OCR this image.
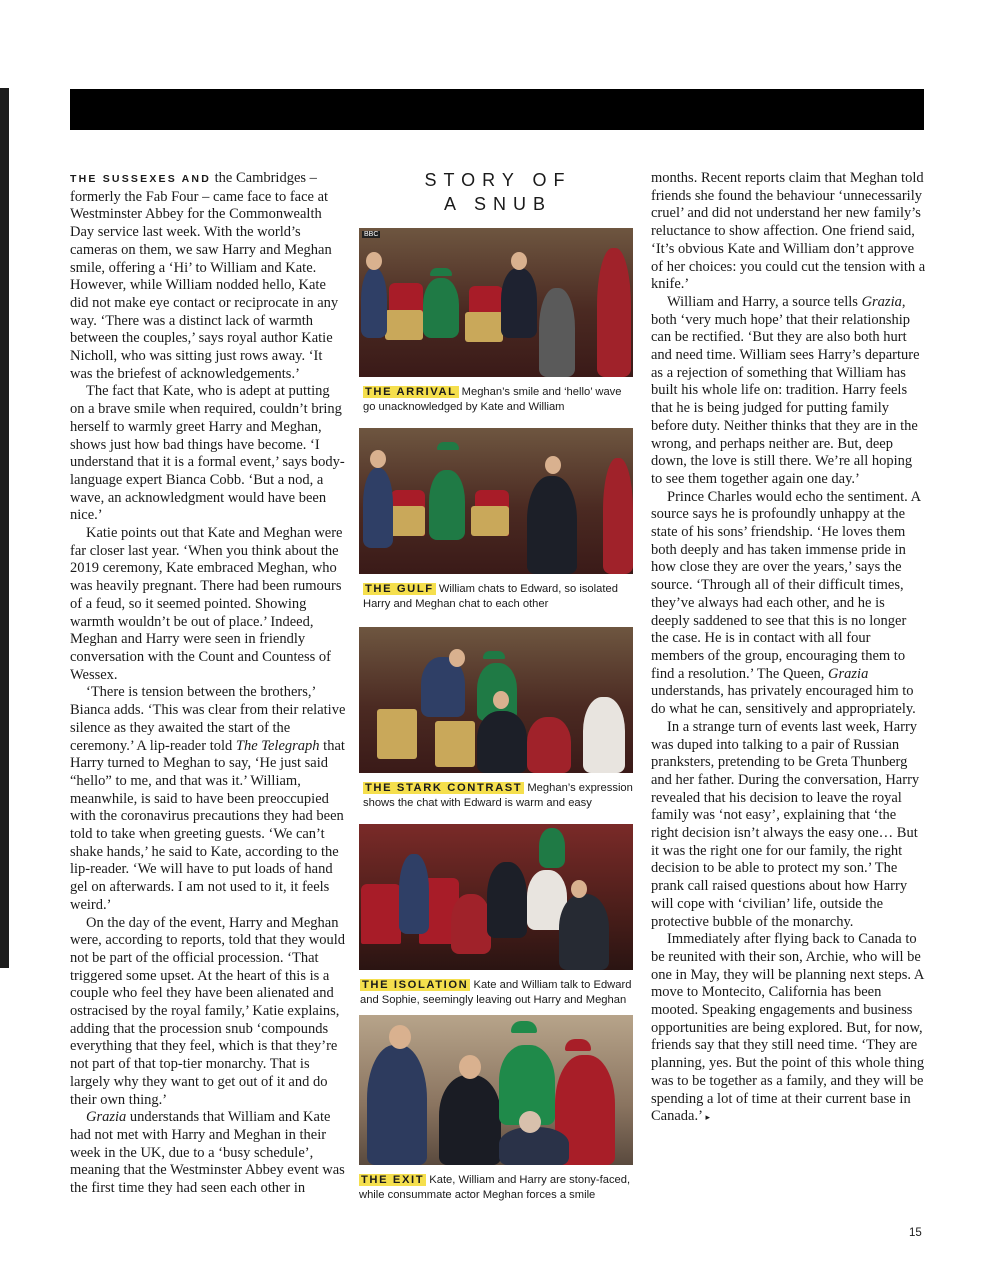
THE SUSSEXES AND the Cambridges – formerly the Fab Four – came face to face at Westminster Abbey for the Commonwealth Day service last week. With the world’s cameras on them, we saw Harry and Meghan smile, offering a ‘Hi’ to William and Kate. However, while William nodded hello, Kate did not make eye contact or reciprocate in any way. ‘There was a distinct lack of warmth between the couples,’ says royal author Katie Nicholl, who was sitting just rows away. ‘It was the briefest of acknowledgements.’

The fact that Kate, who is adept at putting on a brave smile when required, couldn’t bring herself to warmly greet Harry and Meghan, shows just how bad things have become. ‘I understand that it is a formal event,’ says body-language expert Bianca Cobb. ‘But a nod, a wave, an acknowledgment would have been nice.’

Katie points out that Kate and Meghan were far closer last year. ‘When you think about the 2019 ceremony, Kate embraced Meghan, who was heavily pregnant. There had been rumours of a feud, so it seemed pointed. Showing warmth wouldn’t be out of place.’ Indeed, Meghan and Harry were seen in friendly conversation with the Count and Countess of Wessex.

‘There is tension between the brothers,’ Bianca adds. ‘This was clear from their relative silence as they awaited the start of the ceremony.’ A lip-reader told The Telegraph that Harry turned to Meghan to say, ‘He just said “hello” to me, and that was it.’ William, meanwhile, is said to have been preoccupied with the coronavirus precautions they had been told to take when greeting guests. ‘We can’t shake hands,’ he said to Kate, according to the lip-reader. ‘We will have to put loads of hand gel on afterwards. I am not used to it, it feels weird.’

On the day of the event, Harry and Meghan were, according to reports, told that they would not be part of the official procession. ‘That triggered some upset. At the heart of this is a couple who feel they have been alienated and ostracised by the royal family,’ Katie explains, adding that the procession snub ‘compounds everything that they feel, which is that they’re not part of that top-tier monarchy. That is largely why they want to get out of it and do their own thing.’

Grazia understands that William and Kate had not met with Harry and Meghan in their week in the UK, due to a ‘busy schedule’, meaning that the Westminster Abbey event was the first time they had seen each other in

STORY OF
A SNUB
BBC
THE ARRIVAL Meghan’s smile and ‘hello’ wave go unacknowledged by Kate and William
THE GULF William chats to Edward, so isolated Harry and Meghan chat to each other
THE STARK CONTRAST Meghan’s expression shows the chat with Edward is warm and easy
THE ISOLATION Kate and William talk to Edward and Sophie, seemingly leaving out Harry and Meghan
THE EXIT Kate, William and Harry are stony-faced, while consummate actor Meghan forces a smile

months. Recent reports claim that Meghan told friends she found the behaviour ‘unnecessarily cruel’ and did not understand her new family’s reluctance to show affection. One friend said, ‘It’s obvious Kate and William don’t approve of her choices: you could cut the tension with a knife.’

William and Harry, a source tells Grazia, both ‘very much hope’ that their relationship can be rectified. ‘But they are also both hurt and need time. William sees Harry’s departure as a rejection of something that William has built his whole life on: tradition. Harry feels that he is being judged for putting family before duty. Neither thinks that they are in the wrong, and perhaps neither are. But, deep down, the love is still there. We’re all hoping to see them together again one day.’

Prince Charles would echo the sentiment. A source says he is profoundly unhappy at the state of his sons’ friendship. ‘He loves them both deeply and has taken immense pride in how close they are over the years,’ says the source. ‘Through all of their difficult times, they’ve always had each other, and he is deeply saddened to see that this is no longer the case. He is in contact with all four members of the group, encouraging them to find a resolution.’ The Queen, Grazia understands, has privately encouraged him to do what he can, sensitively and appropriately.

In a strange turn of events last week, Harry was duped into talking to a pair of Russian pranksters, pretending to be Greta Thunberg and her father. During the conversation, Harry revealed that his decision to leave the royal family was ‘not easy’, explaining that ‘the right decision isn’t always the easy one… But it was the right one for our family, the right decision to be able to protect my son.’ The prank call raised questions about how Harry will cope with ‘civilian’ life, outside the protective bubble of the monarchy.

Immediately after flying back to Canada to be reunited with their son, Archie, who will be one in May, they will be planning next steps. A move to Montecito, California has been mooted. Speaking engagements and business opportunities are being explored. But, for now, friends say that they still need time. ‘They are planning, yes. But the point of this whole thing was to be together as a family, and they will be spending a lot of time at their current base in Canada.’ ▸

15
